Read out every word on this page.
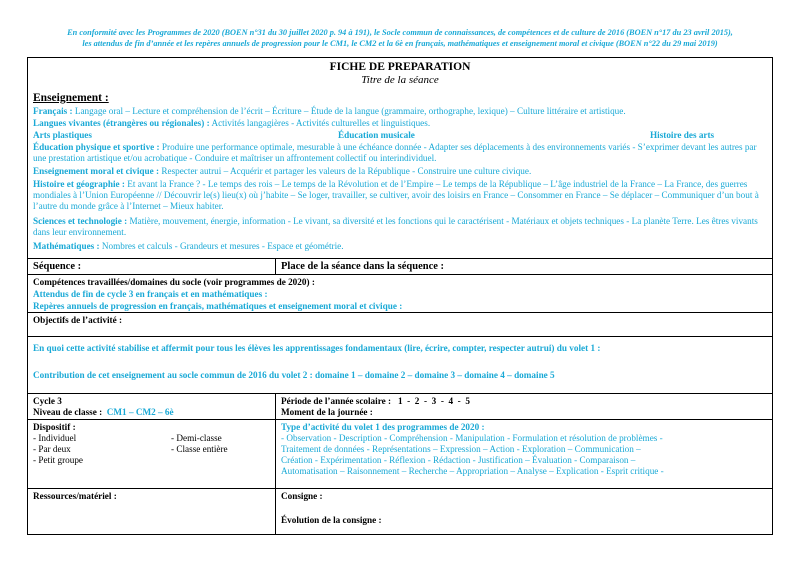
En conformité avec les Programmes de 2020 (BOEN n°31 du 30 juillet 2020 p. 94 à 191), le Socle commun de connaissances, de compétences et de culture de 2016 (BOEN n°17 du 23 avril 2015),
les attendus de fin d’année et les repères annuels de progression pour le CM1, le CM2 et la 6è en français, mathématiques et enseignement moral et civique (BOEN n°22 du 29 mai 2019)
FICHE DE PREPARATION
Titre de la séance
Enseignement :
Français : Langage oral – Lecture et compréhension de l’écrit – Écriture – Étude de la langue (grammaire, orthographe, lexique) – Culture littéraire et artistique.
Langues vivantes (étrangères ou régionales) : Activités langagières - Activités culturelles et linguistiques.
Arts plastiques	Éducation musicale	Histoire des arts
Éducation physique et sportive : Produire une performance optimale, mesurable à une échéance donnée - Adapter ses déplacements à des environnements variés - S’exprimer devant les autres par une prestation artistique et/ou acrobatique - Conduire et maîtriser un affrontement collectif ou interindividuel.
Enseignement moral et civique : Respecter autrui – Acquérir et partager les valeurs de la République - Construire une culture civique.
Histoire et géographie : Et avant la France ? - Le temps des rois – Le temps de la Révolution et de l’Empire – Le temps de la République – L’âge industriel de la France – La France, des guerres mondiales à l’Union Européenne // Découvrir le(s) lieu(x) où j’habite – Se loger, travailler, se cultiver, avoir des loisirs en France – Consommer en France – Se déplacer – Communiquer d’un bout à l’autre du monde grâce à l’Internet – Mieux habiter.
Sciences et technologie : Matière, mouvement, énergie, information - Le vivant, sa diversité et les fonctions qui le caractérisent - Matériaux et objets techniques - La planète Terre. Les êtres vivants dans leur environnement.
Mathématiques : Nombres et calculs - Grandeurs et mesures - Espace et géométrie.
Séquence :	Place de la séance dans la séquence :
Compétences travaillées/domaines du socle (voir programmes de 2020) :
Attendus de fin de cycle 3 en français et en mathématiques :
Repères annuels de progression en français, mathématiques et enseignement moral et civique :
Objectifs de l’activité :
En quoi cette activité stabilise et affermit pour tous les élèves les apprentissages fondamentaux (lire, écrire, compter, respecter autrui) du volet 1 :
Contribution de cet enseignement au socle commun de 2016 du volet 2 : domaine 1 – domaine 2 – domaine 3 – domaine 4 – domaine 5
Cycle 3
Niveau de classe : CM1 – CM2 – 6è
Période de l’année scolaire : 1  -  2  -  3  -  4  -  5
Moment de la journée :
Dispositif :
- Individuel
- Par deux
- Petit groupe
- Demi-classe
- Classe entière
Type d’activité du volet 1 des programmes de 2020 :
- Observation - Description - Compréhension - Manipulation - Formulation et résolution de problèmes -
Traitement de données - Représentations – Expression – Action - Exploration – Communication –
Création - Expérimentation - Réflexion - Rédaction - Justification – Évaluation - Comparaison –
Automatisation – Raisonnement – Recherche – Appropriation – Analyse – Explication - Esprit critique -
Ressources/matériel :	Consigne :
Évolution de la consigne :
